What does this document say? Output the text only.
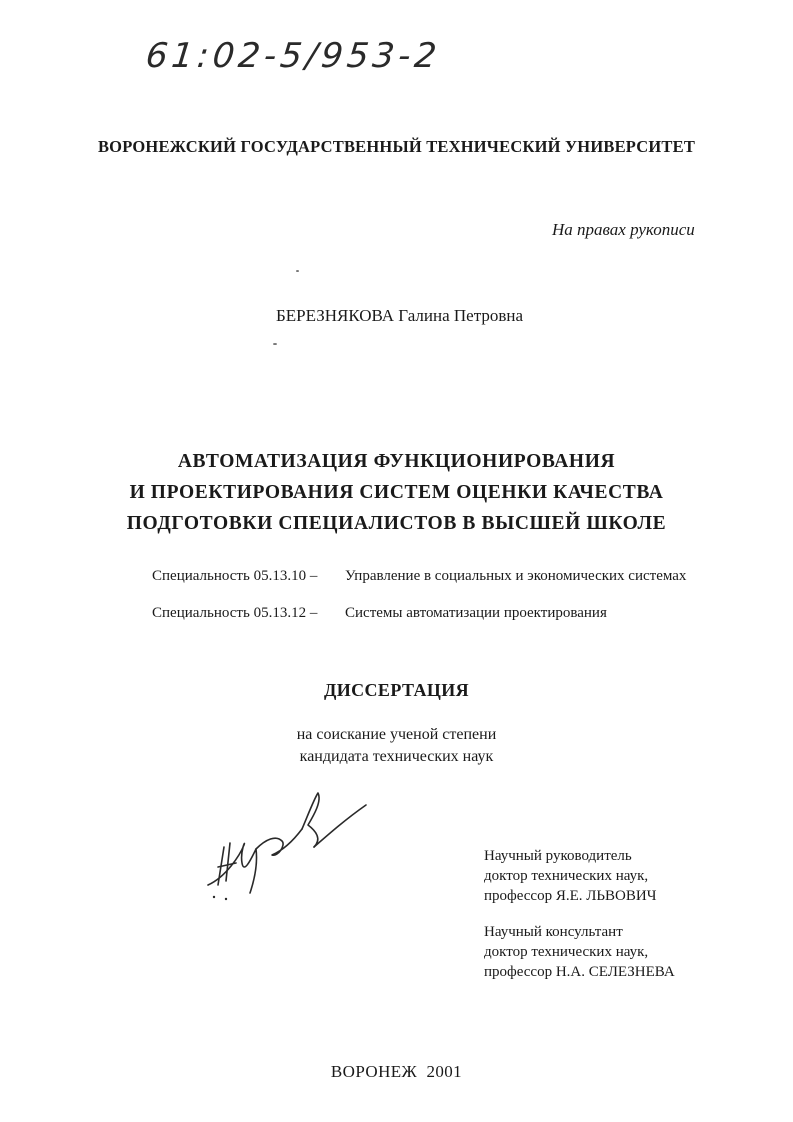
61:02-5/953-2
ВОРОНЕЖСКИЙ ГОСУДАРСТВЕННЫЙ ТЕХНИЧЕСКИЙ УНИВЕРСИТЕТ
На правах рукописи
БЕРЕЗНЯКОВА Галина Петровна
АВТОМАТИЗАЦИЯ ФУНКЦИОНИРОВАНИЯ
И ПРОЕКТИРОВАНИЯ СИСТЕМ ОЦЕНКИ КАЧЕСТВА
ПОДГОТОВКИ СПЕЦИАЛИСТОВ В ВЫСШЕЙ ШКОЛЕ
Специальность 05.13.10 – Управление в социальных и экономических системах
Специальность 05.13.12 – Системы автоматизации проектирования
ДИССЕРТАЦИЯ
на соискание ученой степени
кандидата технических наук
Научный руководитель
доктор технических наук,
профессор Я.Е. ЛЬВОВИЧ
Научный консультант
доктор технических наук,
профессор Н.А. СЕЛЕЗНЕВА
ВОРОНЕЖ  2001
